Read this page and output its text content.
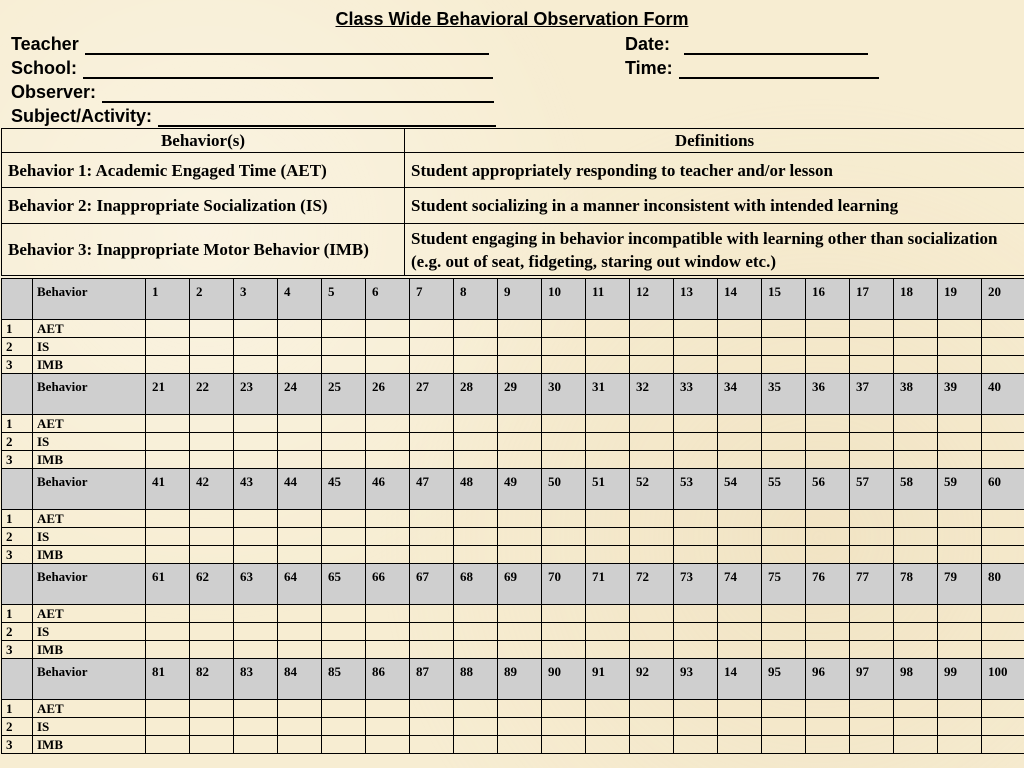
Class Wide Behavioral Observation Form
Teacher
School:
Observer:
Subject/Activity:
Date:
Time:
Behavior(s)	Definitions
Behavior 1: Academic Engaged Time (AET)	Student appropriately responding to teacher and/or lesson
Behavior 2: Inappropriate Socialization (IS)	Student socializing in a manner inconsistent with intended learning
Behavior 3: Inappropriate Motor Behavior (IMB)	Student engaging in behavior incompatible with learning other than socialization (e.g. out of seat, fidgeting, staring out window etc.)
	Behavior	1	2	3	4	5	6	7	8	9	10	11	12	13	14	15	16	17	18	19	20
1	AET																				
2	IS																				
3	IMB																				
	Behavior	21	22	23	24	25	26	27	28	29	30	31	32	33	34	35	36	37	38	39	40
1	AET																				
2	IS																				
3	IMB																				
	Behavior	41	42	43	44	45	46	47	48	49	50	51	52	53	54	55	56	57	58	59	60
1	AET																				
2	IS																				
3	IMB																				
	Behavior	61	62	63	64	65	66	67	68	69	70	71	72	73	74	75	76	77	78	79	80
1	AET																				
2	IS																				
3	IMB																				
	Behavior	81	82	83	84	85	86	87	88	89	90	91	92	93	14	95	96	97	98	99	100
1	AET																				
2	IS																				
3	IMB																				
